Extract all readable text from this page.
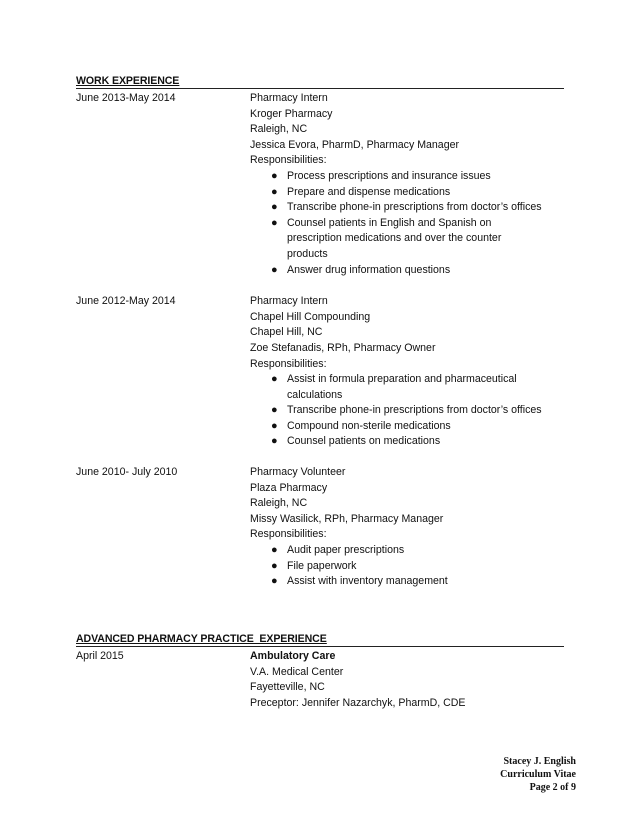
WORK EXPERIENCE
June 2013-May 2014	Pharmacy Intern
Kroger Pharmacy
Raleigh, NC
Jessica Evora, PharmD, Pharmacy Manager
Responsibilities:
● Process prescriptions and insurance issues
● Prepare and dispense medications
● Transcribe phone-in prescriptions from doctor’s offices
● Counsel patients in English and Spanish on prescription medications and over the counter products
● Answer drug information questions
June 2012-May 2014	Pharmacy Intern
Chapel Hill Compounding
Chapel Hill, NC
Zoe Stefanadis, RPh, Pharmacy Owner
Responsibilities:
● Assist in formula preparation and pharmaceutical calculations
● Transcribe phone-in prescriptions from doctor’s offices
● Compound non-sterile medications
● Counsel patients on medications
June 2010- July 2010	Pharmacy Volunteer
Plaza Pharmacy
Raleigh, NC
Missy Wasilick, RPh, Pharmacy Manager
Responsibilities:
● Audit paper prescriptions
● File paperwork
● Assist with inventory management
ADVANCED PHARMACY PRACTICE  EXPERIENCE
April 2015	Ambulatory Care
V.A. Medical Center
Fayetteville, NC
Preceptor: Jennifer Nazarchyk, PharmD, CDE
Stacey J. English
Curriculum Vitae
Page 2 of 9
